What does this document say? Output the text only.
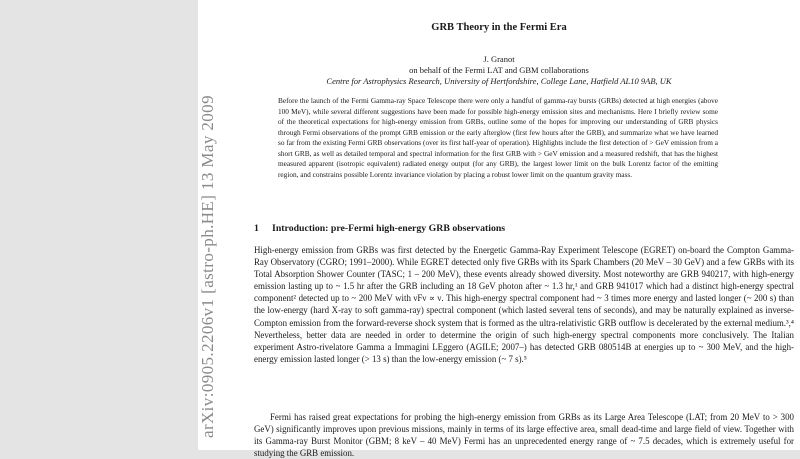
arXiv:0905.2206v1 [astro-ph.HE] 13 May 2009
GRB Theory in the Fermi Era
J. Granot
on behalf of the Fermi LAT and GBM collaborations
Centre for Astrophysics Research, University of Hertfordshire, College Lane, Hatfield AL10 9AB, UK

Before the launch of the Fermi Gamma-ray Space Telescope there were only a handful of gamma-ray bursts (GRBs) detected at high energies (above 100 MeV), while several different suggestions have been made for possible high-energy emission sites and mechanisms. Here I briefly review some of the theoretical expectations for high-energy emission from GRBs, outline some of the hopes for improving our understanding of GRB physics through Fermi observations of the prompt GRB emission or the early afterglow (first few hours after the GRB), and summarize what we have learned so far from the existing Fermi GRB observations (over its first half-year of operation). Highlights include the first detection of > GeV emission from a short GRB, as well as detailed temporal and spectral information for the first GRB with > GeV emission and a measured redshift, that has the highest measured apparent (isotropic equivalent) radiated energy output (for any GRB), the largest lower limit on the bulk Lorentz factor of the emitting region, and constrains possible Lorentz invariance violation by placing a robust lower limit on the quantum gravity mass.

1 Introduction: pre-Fermi high-energy GRB observations

High-energy emission from GRBs was first detected by the Energetic Gamma-Ray Experiment Telescope (EGRET) on-board the Compton Gamma-Ray Observatory (CGRO; 1991–2000). While EGRET detected only five GRBs with its Spark Chambers (20 MeV – 30 GeV) and a few GRBs with its Total Absorption Shower Counter (TASC; 1 – 200 MeV), these events already showed diversity. Most noteworthy are GRB 940217, with high-energy emission lasting up to ~ 1.5 hr after the GRB including an 18 GeV photon after ~ 1.3 hr,¹ and GRB 941017 which had a distinct high-energy spectral component² detected up to ~ 200 MeV with νFν ∝ ν. This high-energy spectral component had ~ 3 times more energy and lasted longer (~ 200 s) than the low-energy (hard X-ray to soft gamma-ray) spectral component (which lasted several tens of seconds), and may be naturally explained as inverse-Compton emission from the forward-reverse shock system that is formed as the ultra-relativistic GRB outflow is decelerated by the external medium.³,⁴ Nevertheless, better data are needed in order to determine the origin of such high-energy spectral components more conclusively. The Italian experiment Astro-rivelatore Gamma a Immagini LEggero (AGILE; 2007–) has detected GRB 080514B at energies up to ~ 300 MeV, and the high-energy emission lasted longer (> 13 s) than the low-energy emission (~ 7 s).⁵

Fermi has raised great expectations for probing the high-energy emission from GRBs as its Large Area Telescope (LAT; from 20 MeV to > 300 GeV) significantly improves upon previous missions, mainly in terms of its large effective area, small dead-time and large field of view. Together with its Gamma-ray Burst Monitor (GBM; 8 keV – 40 MeV) Fermi has an unprecedented energy range of ~ 7.5 decades, which is extremely useful for studying the GRB emission.
